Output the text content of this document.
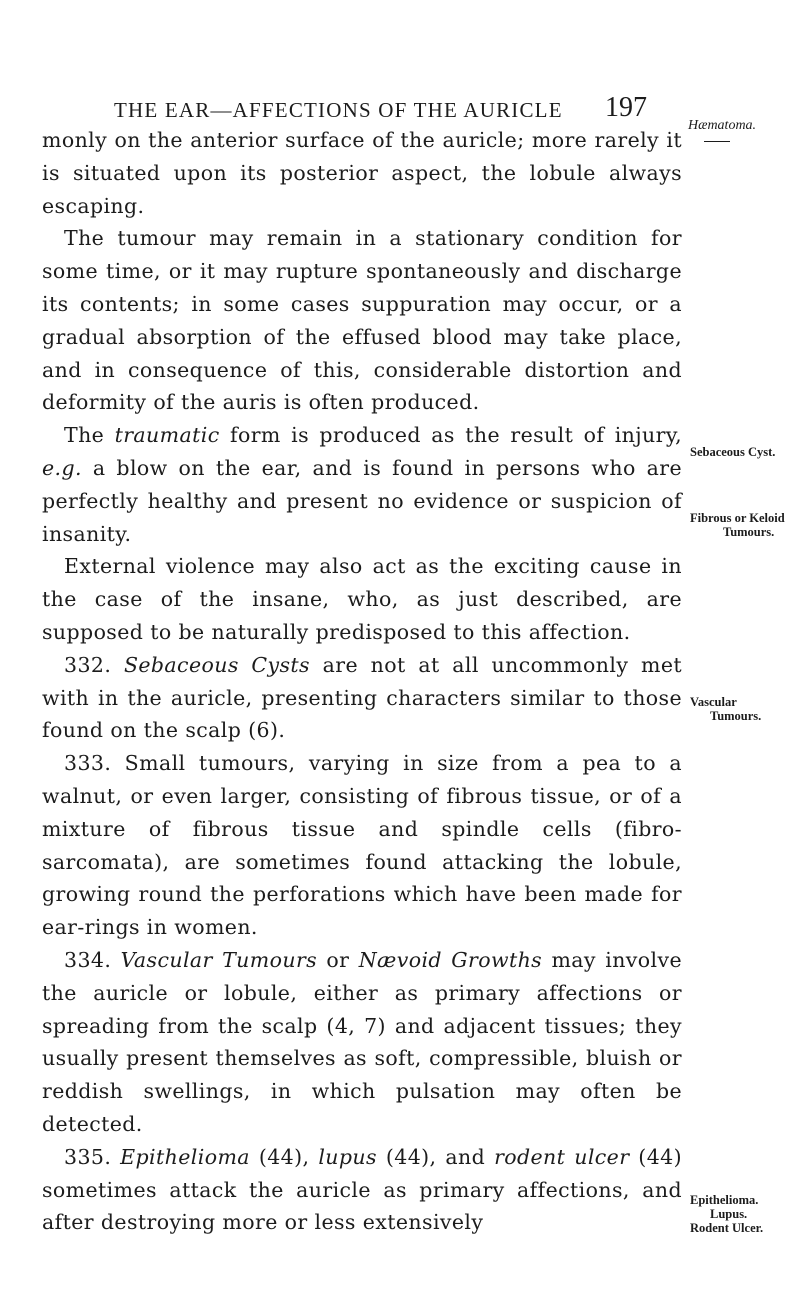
THE EAR—AFFECTIONS OF THE AURICLE 197
Hæmatoma.

monly on the anterior surface of the auricle; more rarely it is situated upon its posterior aspect, the lobule always escaping.

The tumour may remain in a stationary condition for some time, or it may rupture spontaneously and discharge its contents; in some cases suppuration may occur, or a gradual absorption of the effused blood may take place, and in consequence of this, considerable distortion and deformity of the auris is often produced.

The traumatic form is produced as the result of injury, e.g. a blow on the ear, and is found in persons who are perfectly healthy and present no evidence or suspicion of insanity.

External violence may also act as the exciting cause in the case of the insane, who, as just described, are supposed to be naturally predisposed to this affection.

332. Sebaceous Cysts are not at all uncommonly met with in the auricle, presenting characters similar to those found on the scalp (6).

333. Small tumours, varying in size from a pea to a walnut, or even larger, consisting of fibrous tissue, or of a mixture of fibrous tissue and spindle cells (fibro-sarcomata), are sometimes found attacking the lobule, growing round the perforations which have been made for ear-rings in women.

334. Vascular Tumours or Nævoid Growths may involve the auricle or lobule, either as primary affections or spreading from the scalp (4, 7) and adjacent tissues; they usually present themselves as soft, compressible, bluish or reddish swellings, in which pulsation may often be detected.

335. Epithelioma (44), lupus (44), and rodent ulcer (44) sometimes attack the auricle as primary affections, and after destroying more or less extensively

Sebaceous Cyst.
Fibrous or Keloid

Tumours.
Vascular

Tumours.
Epithelioma.

Lupus.
Rodent Ulcer.
